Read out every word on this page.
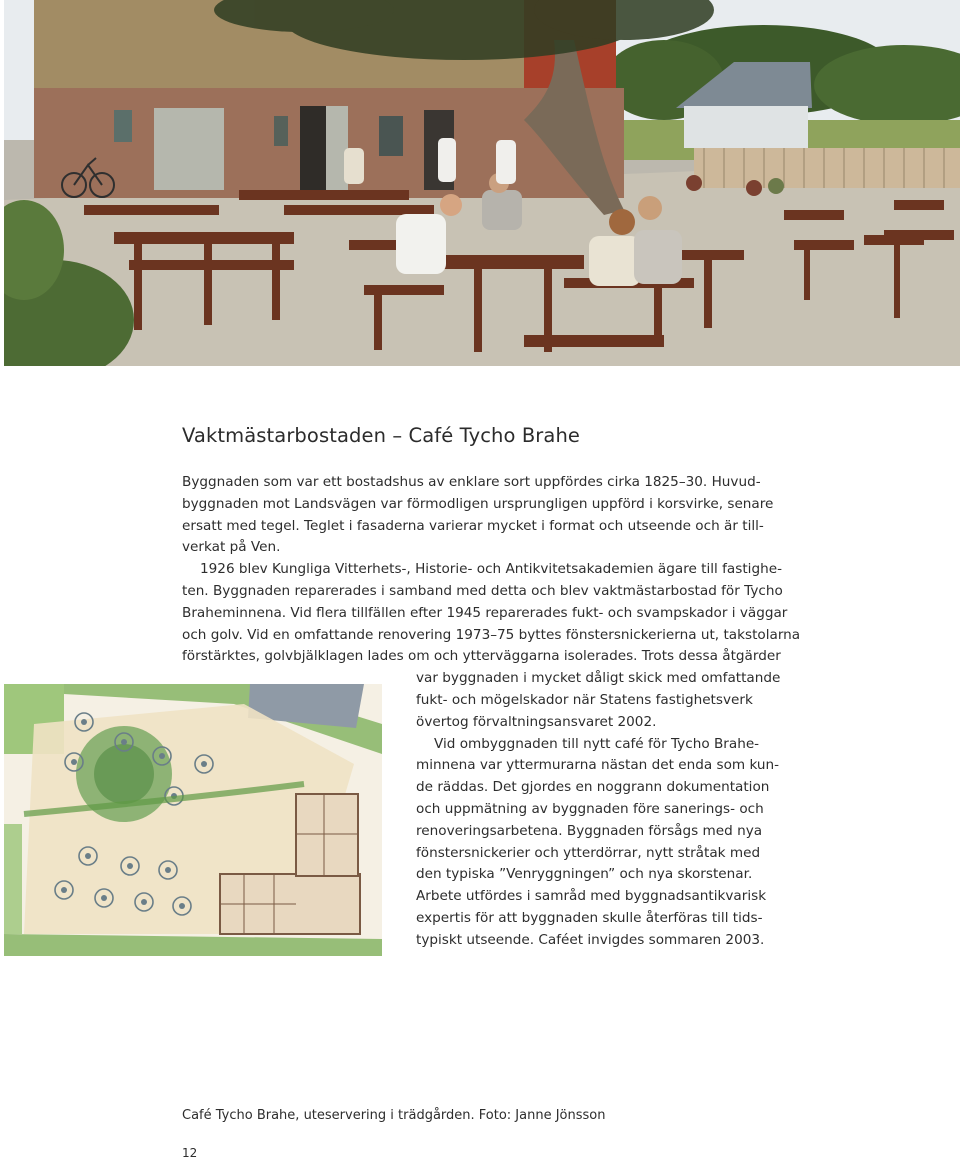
Vaktmästarbostaden – Café Tycho Brahe

Byggnaden som var ett bostadshus av enklare sort uppfördes cirka 1825–30. Huvud-
byggnaden mot Landsvägen var förmodligen ursprungligen uppförd i korsvirke, senare
ersatt med tegel. Teglet i fasaderna varierar mycket i format och utseende och är till-
verkat på Ven.

1926 blev Kungliga Vitterhets-, Historie- och Antikvitetsakademien ägare till fastighe-
ten. Byggnaden reparerades i samband med detta och blev vaktmästarbostad för Tycho
Braheminnena. Vid flera tillfällen efter 1945 reparerades fukt- och svampskador i väggar
och golv. Vid en omfattande renovering 1973–75 byttes fönstersnickerierna ut, takstolarna
förstärktes, golvbjälklagen lades om och ytterväggarna isolerades. Trots dessa åtgärder
var byggnaden i mycket dåligt skick med omfattande
fukt- och mögelskador när Statens fastighetsverk
övertog förvaltningsansvaret 2002.

Vid ombyggnaden till nytt café för Tycho Brahe-
minnena var yttermurarna nästan det enda som kun-
de räddas. Det gjordes en noggrann dokumentation
och uppmätning av byggnaden före sanerings- och
renoveringsarbetena. Byggnaden försågs med nya
fönstersnickerier och ytterdörrar, nytt stråtak med
den typiska ”Venryggningen” och nya skorstenar.
Arbete utfördes i samråd med byggnadsantikvarisk
expertis för att byggnaden skulle återföras till tids-
typiskt utseende. Caféet invigdes sommaren 2003.

Café Tycho Brahe, uteservering i trädgården. Foto: Janne Jönsson
12
